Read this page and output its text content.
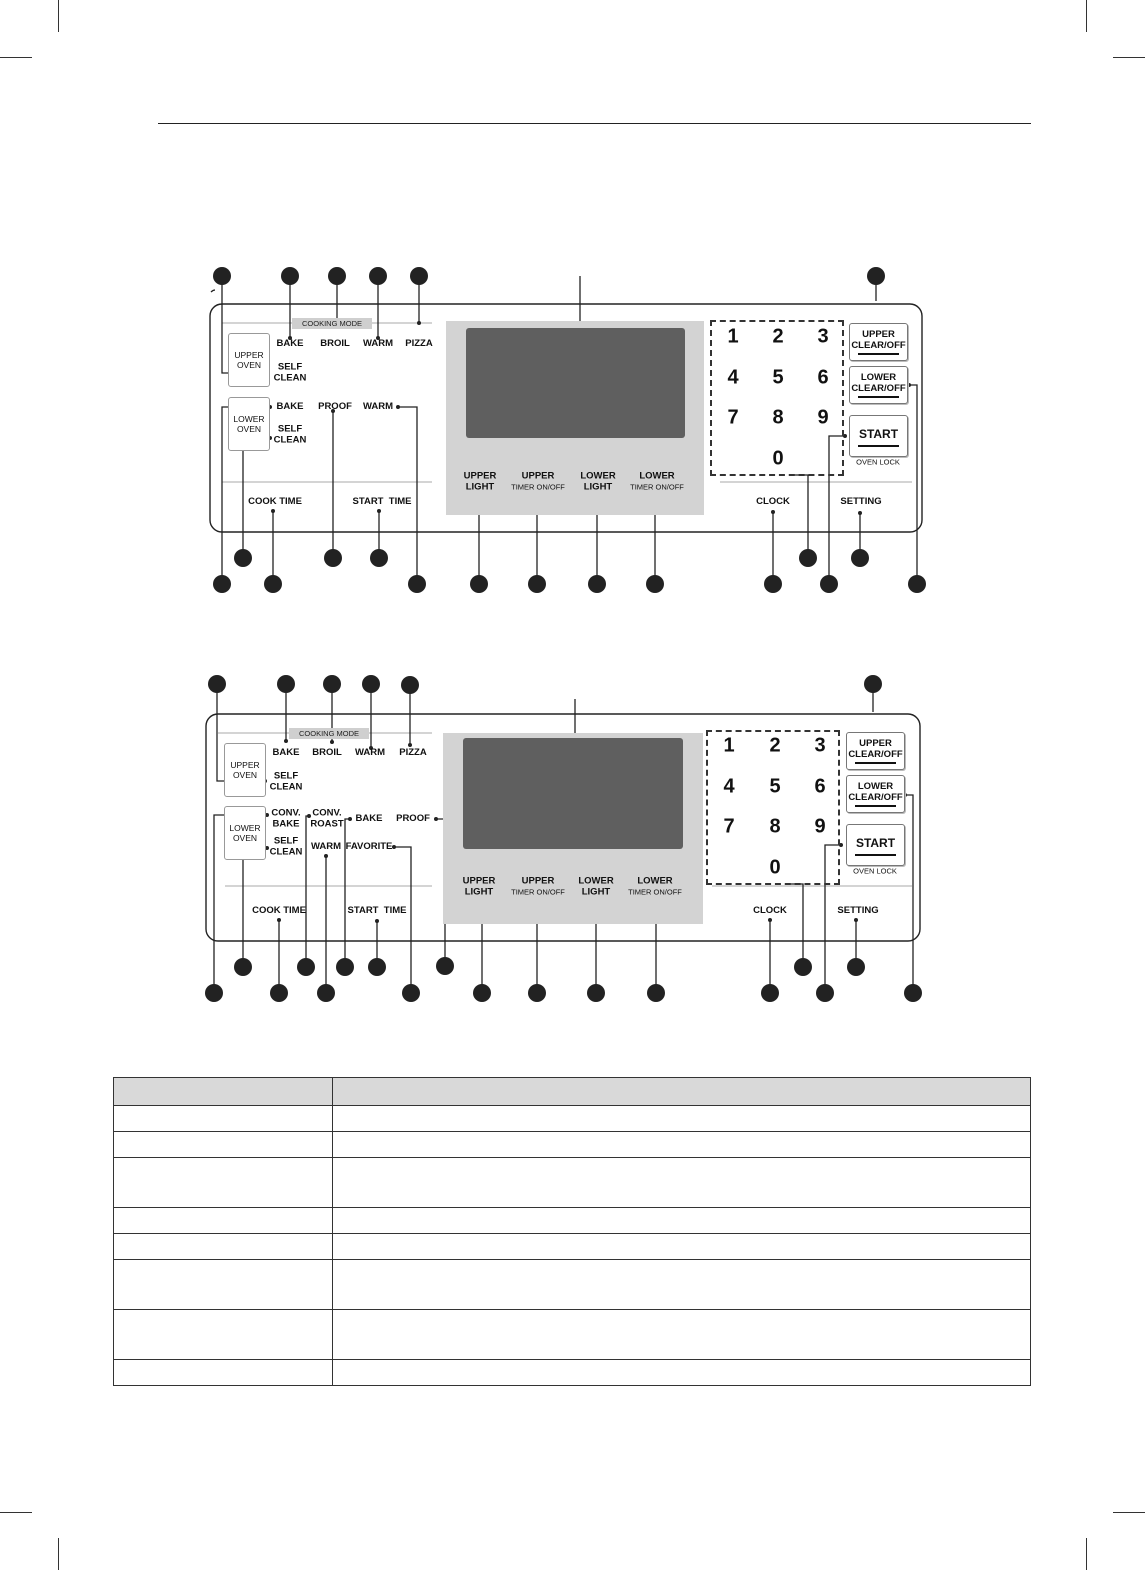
COOKING MODE
UPPER
OVEN
LOWER
OVEN
BAKE BROIL WARM PIZZA
SELF
CLEAN
BAKE PROOF WARM
SELF
CLEAN
COOK TIME	START  TIME
UPPER
LIGHT
UPPER
TIMER ON/OFF
LOWER
LIGHT
LOWER
TIMER ON/OFF
1 2 3
4 5 6
7 8 9
0
UPPER
CLEAR/OFF
LOWER
CLEAR/OFF
START
OVEN LOCK
CLOCK	SETTING
COOKING MODE
UPPER
OVEN
LOWER
OVEN
BAKE BROIL WARM PIZZA
SELF
CLEAN
CONV.
BAKE
CONV.
ROAST BAKE PROOF
WARM FAVORITE
SELF
CLEAN
COOK TIME	START  TIME
UPPER
LIGHT
UPPER
TIMER ON/OFF
LOWER
LIGHT
LOWER
TIMER ON/OFF
1 2 3
4 5 6
7 8 9
0
UPPER
CLEAR/OFF
LOWER
CLEAR/OFF
START
OVEN LOCK
CLOCK	SETTING
